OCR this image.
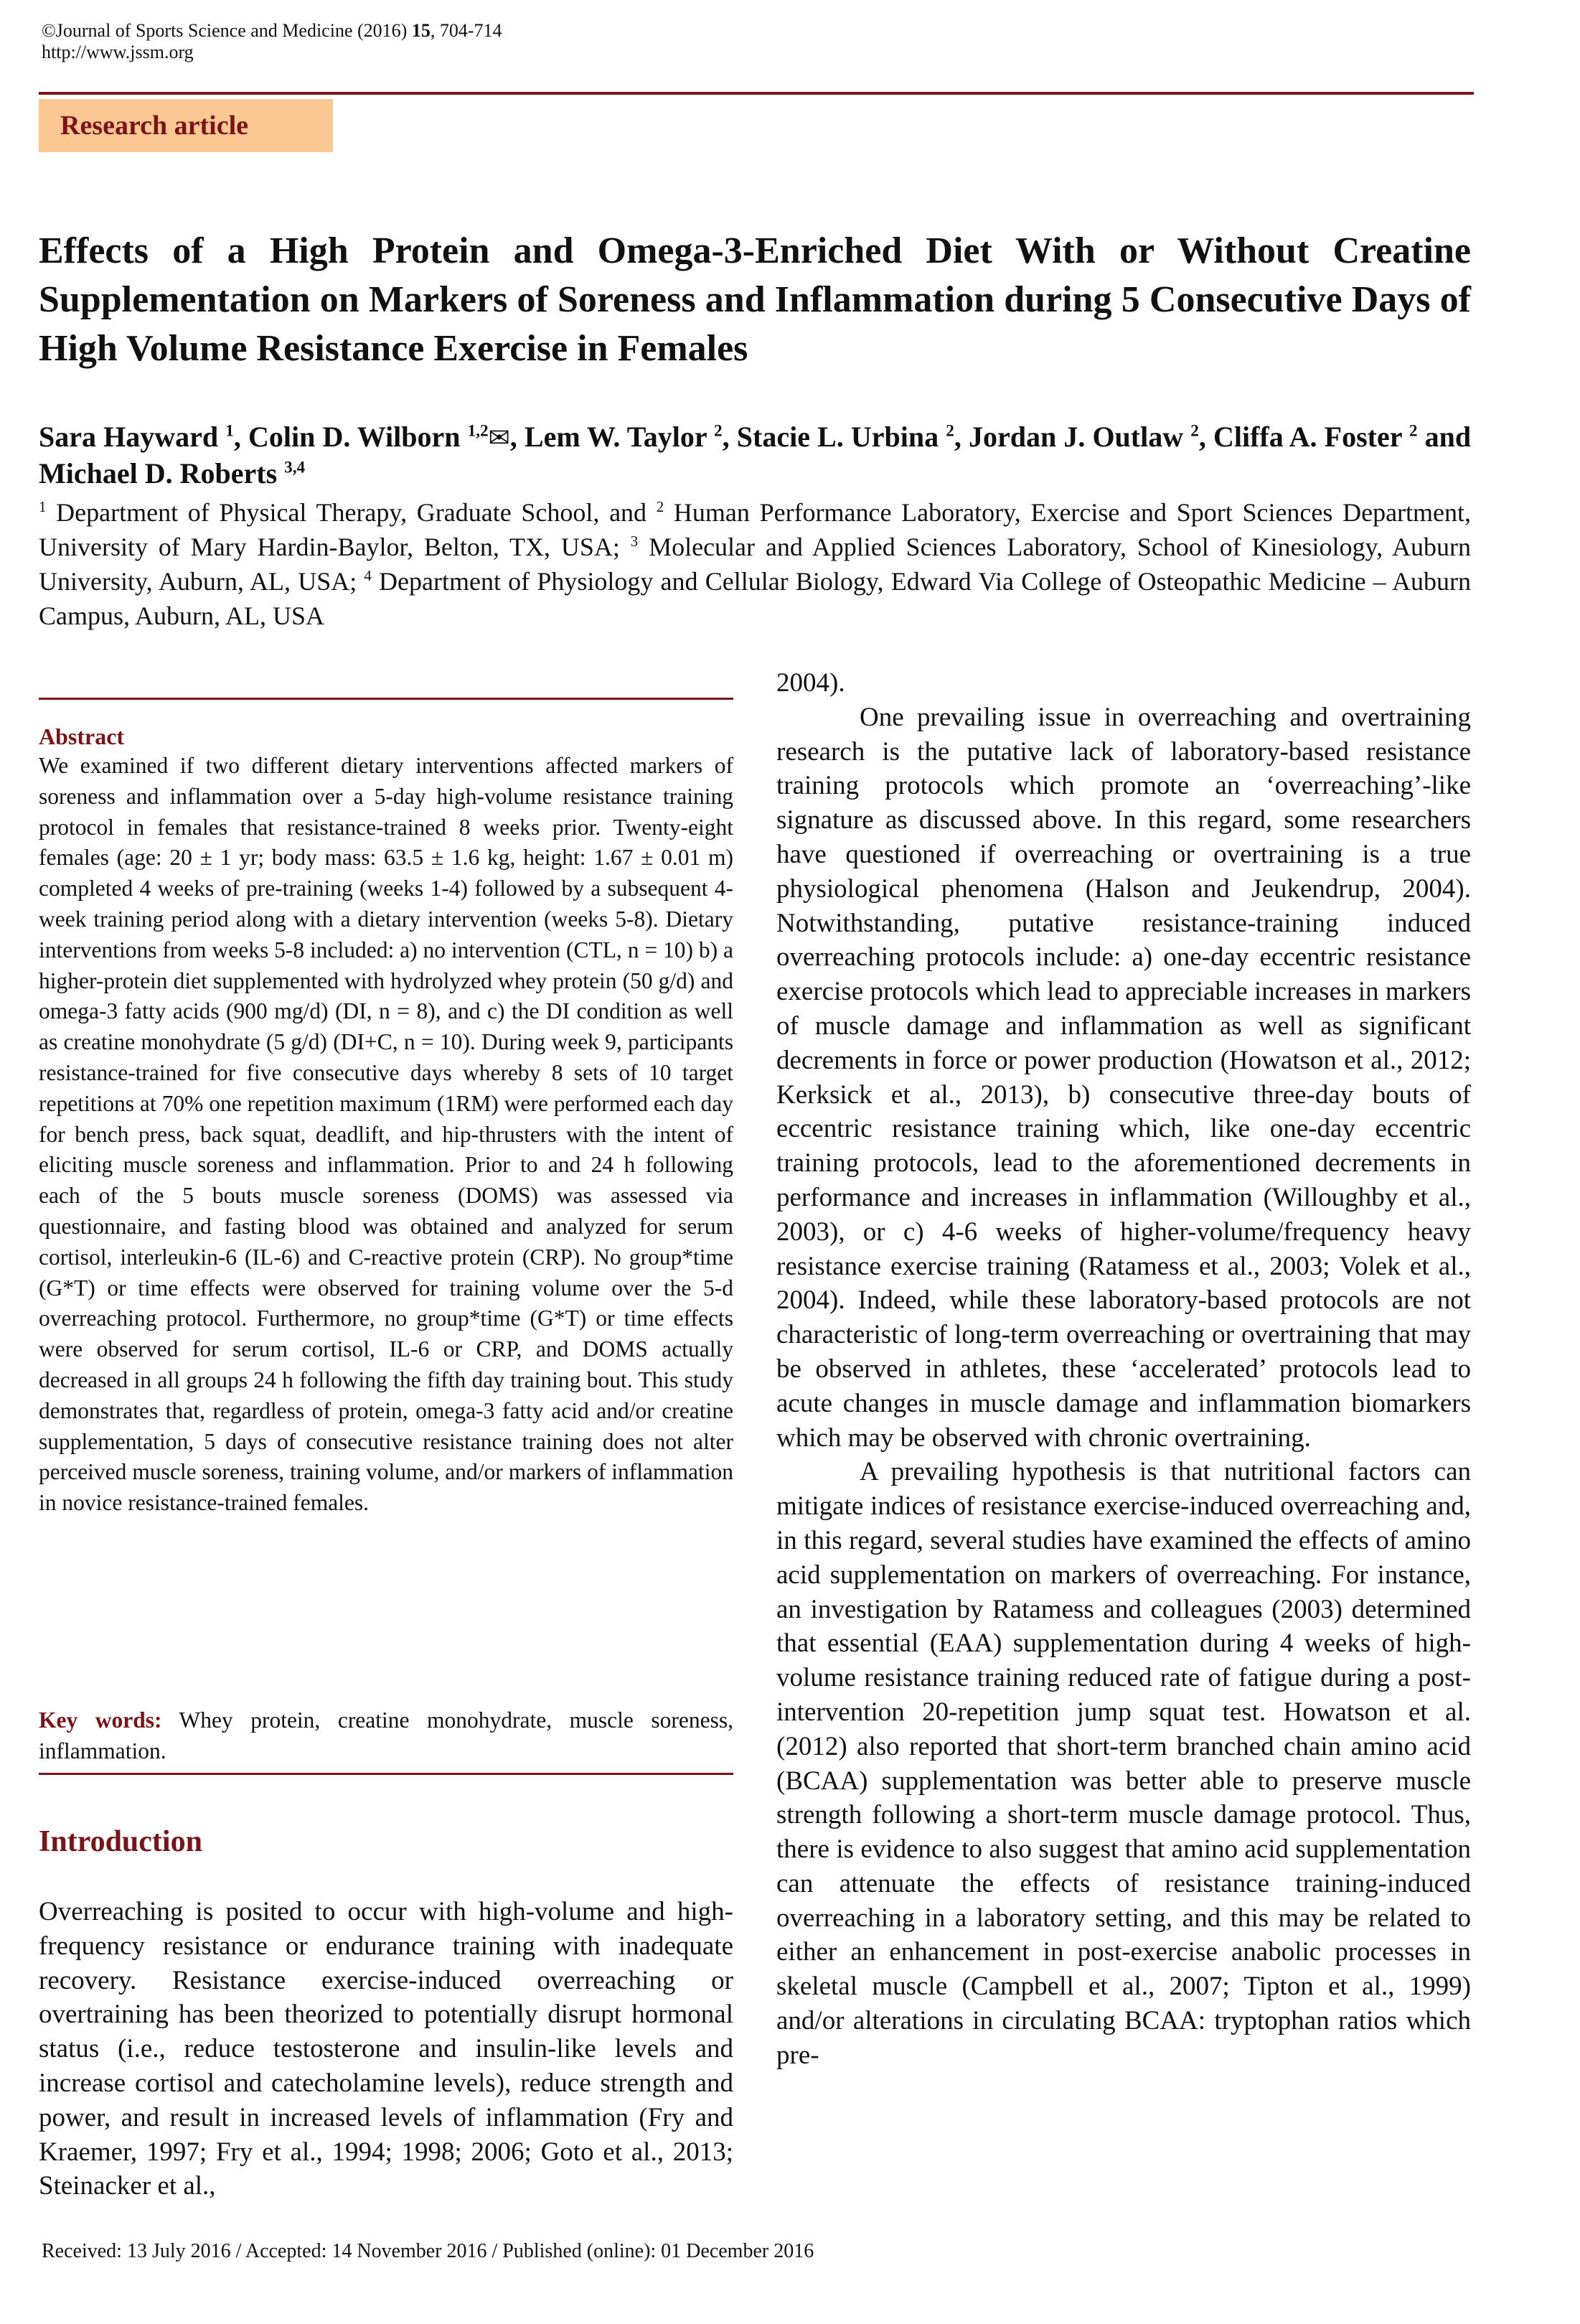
©Journal of Sports Science and Medicine (2016) 15, 704-714
http://www.jssm.org
Research article
Effects of a High Protein and Omega-3-Enriched Diet With or Without Creatine Supplementation on Markers of Soreness and Inflammation during 5 Consecutive Days of High Volume Resistance Exercise in Females
Sara Hayward $^1$, Colin D. Wilborn $^{1,2}$✉, Lem W. Taylor $^2$, Stacie L. Urbina $^2$, Jordan J. Outlaw $^2$, Cliffa A. Foster $^2$ and Michael D. Roberts $^{3,4}$
$^1$ Department of Physical Therapy, Graduate School, and $^2$ Human Performance Laboratory, Exercise and Sport Sciences Department, University of Mary Hardin-Baylor, Belton, TX, USA; $^3$ Molecular and Applied Sciences Laboratory, School of Kinesiology, Auburn University, Auburn, AL, USA; $^4$ Department of Physiology and Cellular Biology, Edward Via College of Osteopathic Medicine – Auburn Campus, Auburn, AL, USA
Abstract
We examined if two different dietary interventions affected markers of soreness and inflammation over a 5-day high-volume resistance training protocol in females that resistance-trained 8 weeks prior. Twenty-eight females (age: 20 ± 1 yr; body mass: 63.5 ± 1.6 kg, height: 1.67 ± 0.01 m) completed 4 weeks of pre-training (weeks 1-4) followed by a subsequent 4-week training period along with a dietary intervention (weeks 5-8). Dietary interventions from weeks 5-8 included: a) no intervention (CTL, n = 10) b) a higher-protein diet supplemented with hydrolyzed whey protein (50 g/d) and omega-3 fatty acids (900 mg/d) (DI, n = 8), and c) the DI condition as well as creatine monohydrate (5 g/d) (DI+C, n = 10). During week 9, participants resistance-trained for five consecutive days whereby 8 sets of 10 target repetitions at 70% one repetition maximum (1RM) were performed each day for bench press, back squat, deadlift, and hip-thrusters with the intent of eliciting muscle soreness and inflammation. Prior to and 24 h following each of the 5 bouts muscle soreness (DOMS) was assessed via questionnaire, and fasting blood was obtained and analyzed for serum cortisol, interleukin-6 (IL-6) and C-reactive protein (CRP). No group*time (G*T) or time effects were observed for training volume over the 5-d overreaching protocol. Furthermore, no group*time (G*T) or time effects were observed for serum cortisol, IL-6 or CRP, and DOMS actually decreased in all groups 24 h following the fifth day training bout. This study demonstrates that, regardless of protein, omega-3 fatty acid and/or creatine supplementation, 5 days of consecutive resistance training does not alter perceived muscle soreness, training volume, and/or markers of inflammation in novice resistance-trained females.
Key words: Whey protein, creatine monohydrate, muscle soreness, inflammation.
Introduction
Overreaching is posited to occur with high-volume and high-frequency resistance or endurance training with inadequate recovery. Resistance exercise-induced overreaching or overtraining has been theorized to potentially disrupt hormonal status (i.e., reduce testosterone and insulin-like levels and increase cortisol and catecholamine levels), reduce strength and power, and result in increased levels of inflammation (Fry and Kraemer, 1997; Fry et al., 1994; 1998; 2006; Goto et al., 2013; Steinacker et al.,

2004).

One prevailing issue in overreaching and overtraining research is the putative lack of laboratory-based resistance training protocols which promote an ‘overreaching’-like signature as discussed above. In this regard, some researchers have questioned if overreaching or overtraining is a true physiological phenomena (Halson and Jeukendrup, 2004). Notwithstanding, putative resistance-training induced overreaching protocols include: a) one-day eccentric resistance exercise protocols which lead to appreciable increases in markers of muscle damage and inflammation as well as significant decrements in force or power production (Howatson et al., 2012; Kerksick et al., 2013), b) consecutive three-day bouts of eccentric resistance training which, like one-day eccentric training protocols, lead to the aforementioned decrements in performance and increases in inflammation (Willoughby et al., 2003), or c) 4-6 weeks of higher-volume/frequency heavy resistance exercise training (Ratamess et al., 2003; Volek et al., 2004). Indeed, while these laboratory-based protocols are not characteristic of long-term overreaching or overtraining that may be observed in athletes, these ‘accelerated’ protocols lead to acute changes in muscle damage and inflammation biomarkers which may be observed with chronic overtraining.

A prevailing hypothesis is that nutritional factors can mitigate indices of resistance exercise-induced overreaching and, in this regard, several studies have examined the effects of amino acid supplementation on markers of overreaching. For instance, an investigation by Ratamess and colleagues (2003) determined that essential (EAA) supplementation during 4 weeks of high-volume resistance training reduced rate of fatigue during a post-intervention 20-repetition jump squat test. Howatson et al. (2012) also reported that short-term branched chain amino acid (BCAA) supplementation was better able to preserve muscle strength following a short-term muscle damage protocol. Thus, there is evidence to also suggest that amino acid supplementation can attenuate the effects of resistance training-induced overreaching in a laboratory setting, and this may be related to either an enhancement in post-exercise anabolic processes in skeletal muscle (Campbell et al., 2007; Tipton et al., 1999) and/or alterations in circulating BCAA: tryptophan ratios which pre-

Received: 13 July 2016 / Accepted: 14 November 2016 / Published (online): 01 December 2016
